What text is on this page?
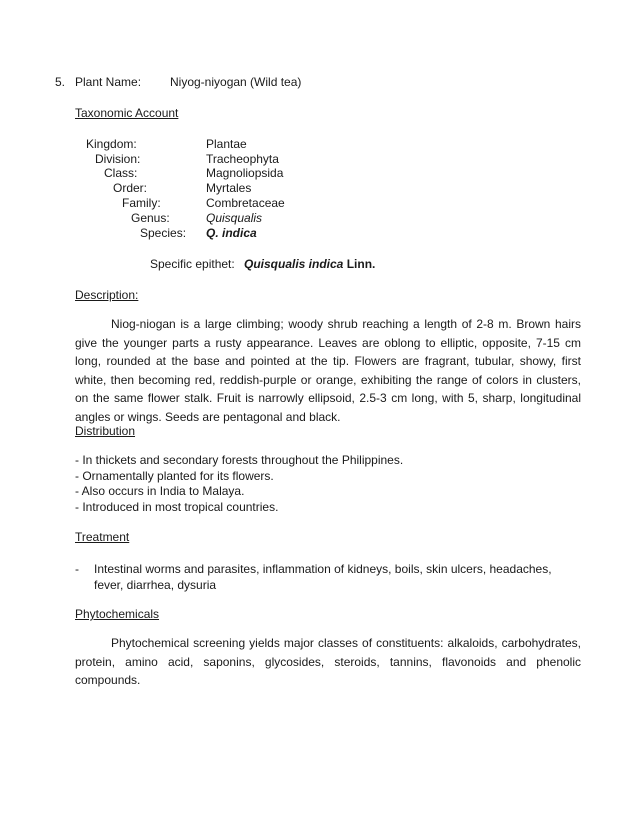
5. Plant Name: Niyog-niyogan (Wild tea)
Taxonomic Account
Kingdom:	Plantae
Division:	Tracheophyta
Class:	Magnoliopsida
Order:	Myrtales
Family:	Combretaceae
Genus:	Quisqualis
Species: Q. indica
Specific epithet: Quisqualis indica Linn.
Description:

Niog-niogan is a large climbing; woody shrub reaching a length of 2-8 m. Brown hairs give the younger parts a rusty appearance. Leaves are oblong to elliptic, opposite, 7-15 cm long, rounded at the base and pointed at the tip. Flowers are fragrant, tubular, showy, first white, then becoming red, reddish-purple or orange, exhibiting the range of colors in clusters, on the same flower stalk. Fruit is narrowly ellipsoid, 2.5-3 cm long, with 5, sharp, longitudinal angles or wings. Seeds are pentagonal and black.

Distribution
- In thickets and secondary forests throughout the Philippines.
- Ornamentally planted for its flowers.
- Also occurs in India to Malaya.
- Introduced in most tropical countries.
Treatment
- Intestinal worms and parasites, inflammation of kidneys, boils, skin ulcers, headaches, fever, diarrhea, dysuria
Phytochemicals

Phytochemical screening yields major classes of constituents: alkaloids, carbohydrates, protein, amino acid, saponins, glycosides, steroids, tannins, flavonoids and phenolic compounds.
